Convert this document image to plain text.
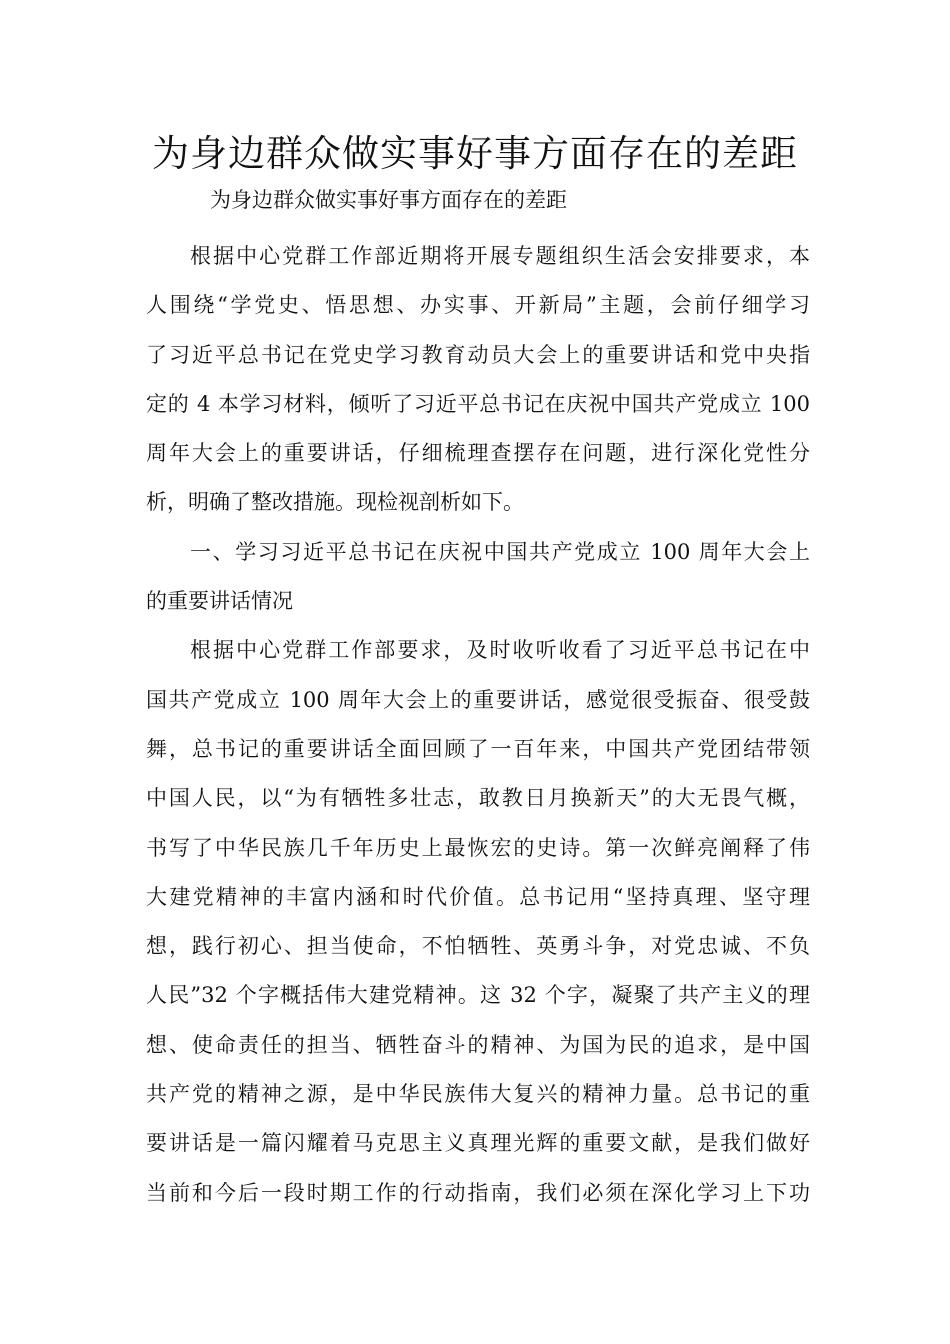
为身边群众做实事好事方面存在的差距

为身边群众做实事好事方面存在的差距

根据中心党群工作部近期将开展专题组织生活会安排要求，本
人围绕“学党史、悟思想、办实事、开新局”主题，会前仔细学习
了习近平总书记在党史学习教育动员大会上的重要讲话和党中央指
定的 4 本学习材料，倾听了习近平总书记在庆祝中国共产党成立 100
周年大会上的重要讲话，仔细梳理查摆存在问题，进行深化党性分
析，明确了整改措施。现检视剖析如下。
一、学习习近平总书记在庆祝中国共产党成立 100 周年大会上
的重要讲话情况
根据中心党群工作部要求，及时收听收看了习近平总书记在中
国共产党成立 100 周年大会上的重要讲话，感觉很受振奋、很受鼓
舞，总书记的重要讲话全面回顾了一百年来，中国共产党团结带领
中国人民，以“为有牺牲多壮志，敢教日月换新天”的大无畏气概，
书写了中华民族几千年历史上最恢宏的史诗。第一次鲜亮阐释了伟
大建党精神的丰富内涵和时代价值。总书记用“坚持真理、坚守理
想，践行初心、担当使命，不怕牺牲、英勇斗争，对党忠诚、不负
人民”32 个字概括伟大建党精神。这 32 个字，凝聚了共产主义的理
想、使命责任的担当、牺牲奋斗的精神、为国为民的追求，是中国
共产党的精神之源，是中华民族伟大复兴的精神力量。总书记的重
要讲话是一篇闪耀着马克思主义真理光辉的重要文献，是我们做好
当前和今后一段时期工作的行动指南，我们必须在深化学习上下功
